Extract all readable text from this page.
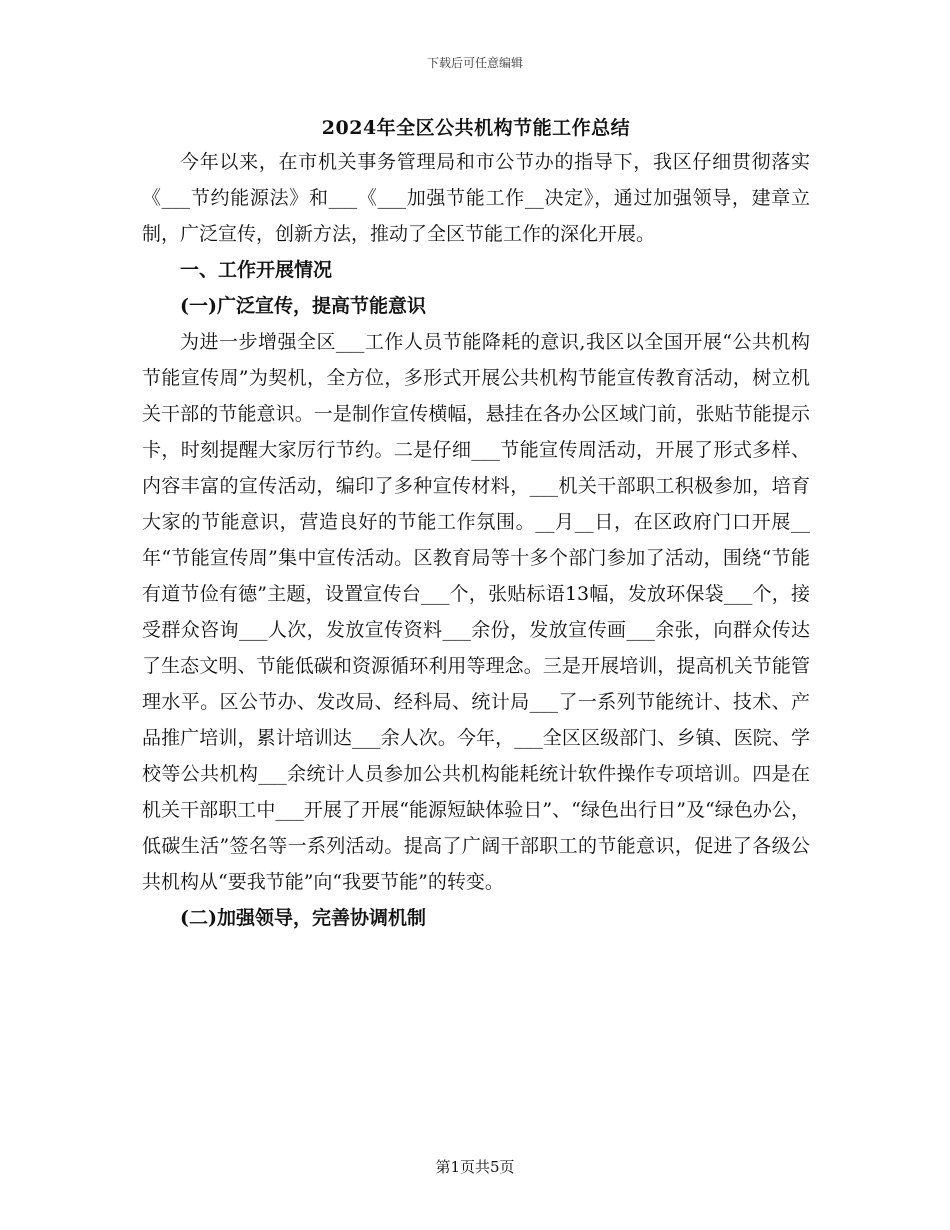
下载后可任意编辑
2024年全区公共机构节能工作总结

今年以来，在市机关事务管理局和市公节办的指导下，我区仔细贯彻落实《___节约能源法》和___《___加强节能工作__决定》，通过加强领导，建章立制，广泛宣传，创新方法，推动了全区节能工作的深化开展。

一、工作开展情况

(一)广泛宣传，提高节能意识

为进一步增强全区___工作人员节能降耗的意识,我区以全国开展“公共机构节能宣传周”为契机，全方位，多形式开展公共机构节能宣传教育活动，树立机关干部的节能意识。一是制作宣传横幅，悬挂在各办公区域门前，张贴节能提示卡，时刻提醒大家厉行节约。二是仔细___节能宣传周活动，开展了形式多样、内容丰富的宣传活动，编印了多种宣传材料，___机关干部职工积极参加，培育大家的节能意识，营造良好的节能工作氛围。__月__日，在区政府门口开展__年“节能宣传周”集中宣传活动。区教育局等十多个部门参加了活动，围绕“节能有道节俭有德”主题，设置宣传台___个，张贴标语13幅，发放环保袋___个，接受群众咨询___人次，发放宣传资料___余份，发放宣传画___余张，向群众传达了生态文明、节能低碳和资源循环利用等理念。三是开展培训，提高机关节能管理水平。区公节办、发改局、经科局、统计局___了一系列节能统计、技术、产品推广培训，累计培训达___余人次。今年，___全区区级部门、乡镇、医院、学校等公共机构___余统计人员参加公共机构能耗统计软件操作专项培训。四是在机关干部职工中___开展了开展“能源短缺体验日”、“绿色出行日”及“绿色办公，低碳生活”签名等一系列活动。提高了广阔干部职工的节能意识，促进了各级公共机构从“要我节能”向“我要节能”的转变。

(二)加强领导，完善协调机制

第1页共5页
